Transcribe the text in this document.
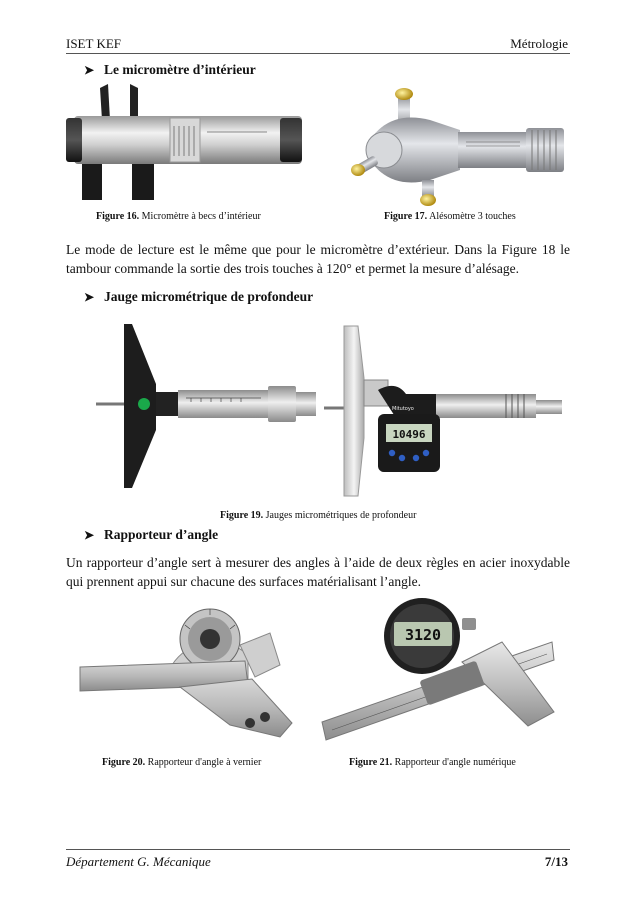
ISET KEF	Métrologie
➤ Le micromètre d’intérieur
Figure 16. Micromètre à becs d’intérieur	Figure 17. Alésomètre 3 touches
Le mode de lecture est le même que pour le micromètre d’extérieur. Dans la Figure 18 le tambour commande la sortie des trois touches à 120° et permet la mesure d’alésage.
➤ Jauge micrométrique de profondeur
10496
Mitutoyo
Figure 19. Jauges micrométriques de profondeur
➤ Rapporteur d’angle
Un rapporteur d’angle sert à mesurer des angles à l’aide de deux règles en acier inoxydable qui prennent appui sur chacune des surfaces matérialisant l’angle.
3120
Figure 20. Rapporteur d'angle à vernier	Figure 21. Rapporteur d'angle numérique
Département G. Mécanique	7/13
